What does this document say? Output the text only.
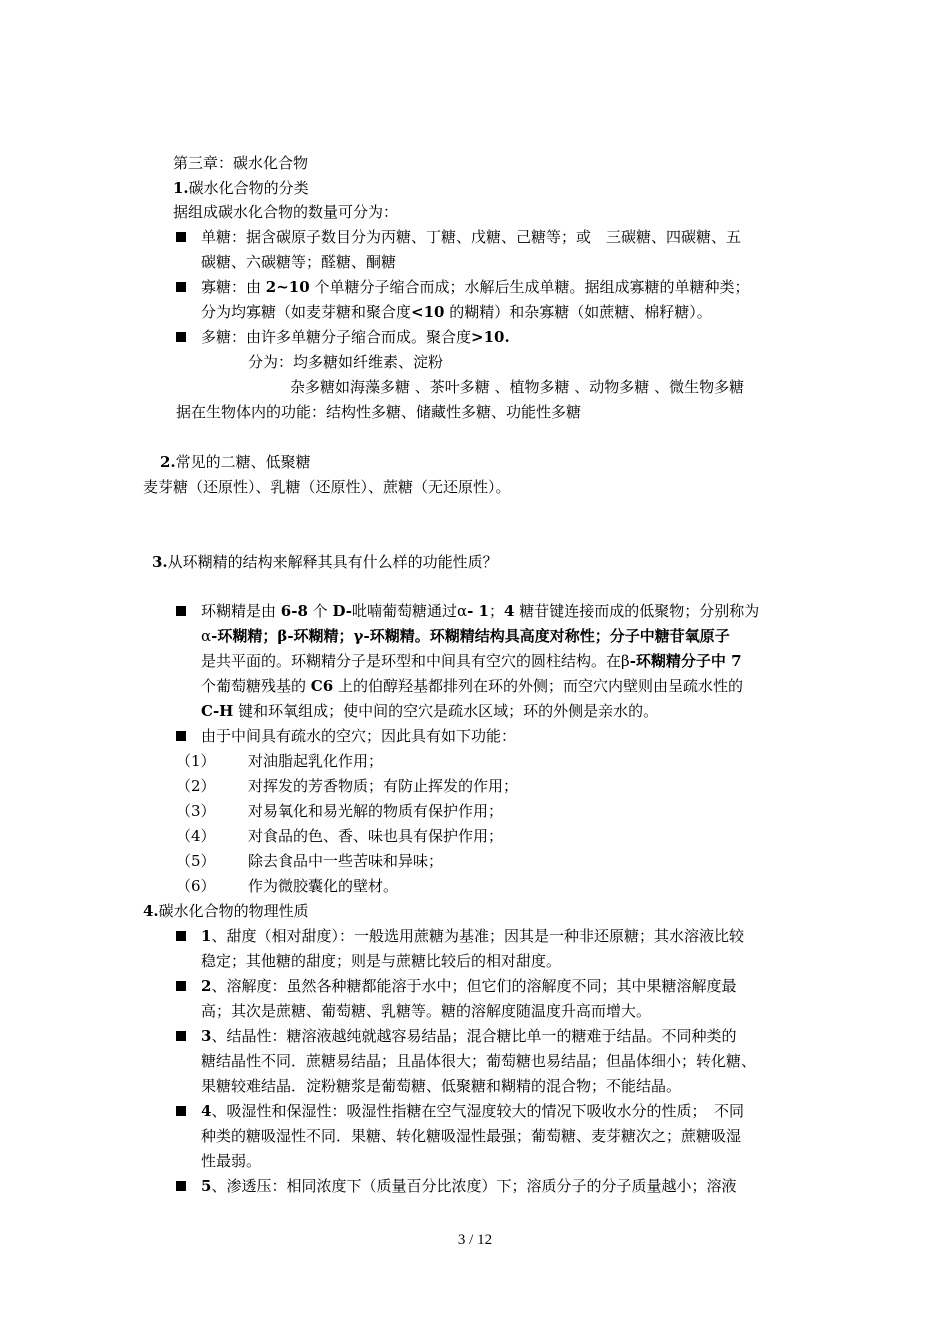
第三章：碳水化合物
1.碳水化合物的分类
据组成碳水化合物的数量可分为：
单糖：据含碳原子数目分为丙糖、丁糖、戊糖、己糖等；或　三碳糖、四碳糖、五
碳糖、六碳糖等；醛糖、酮糖
寡糖：由 2~10 个单糖分子缩合而成；水解后生成单糖。据组成寡糖的单糖种类；
分为均寡糖（如麦芽糖和聚合度<10 的糊精）和杂寡糖（如蔗糖、棉籽糖）。
多糖：由许多单糖分子缩合而成。聚合度>10.
分为：均多糖如纤维素、淀粉
杂多糖如海藻多糖 、茶叶多糖 、植物多糖 、动物多糖 、微生物多糖
据在生物体内的功能：结构性多糖、储藏性多糖、功能性多糖
2.常见的二糖、低聚糖
麦芽糖（还原性）、乳糖（还原性）、蔗糖（无还原性）。
3.从环糊精的结构来解释其具有什么样的功能性质？
环糊精是由 6-8 个 D-吡喃葡萄糖通过α- 1；4 糖苷键连接而成的低聚物；分别称为
α-环糊精；β-环糊精；γ-环糊精。环糊精结构具高度对称性；分子中糖苷氧原子
是共平面的。环糊精分子是环型和中间具有空穴的圆柱结构。在β-环糊精分子中 7
个葡萄糖残基的 C6 上的伯醇羟基都排列在环的外侧；而空穴内壁则由呈疏水性的
C-H 键和环氧组成；使中间的空穴是疏水区域；环的外侧是亲水的。
由于中间具有疏水的空穴；因此具有如下功能：
（1） 对油脂起乳化作用；
（2） 对挥发的芳香物质；有防止挥发的作用；
（3） 对易氧化和易光解的物质有保护作用；
（4） 对食品的色、香、味也具有保护作用；
（5） 除去食品中一些苦味和异味；
（6） 作为微胶囊化的壁材。
4.碳水化合物的物理性质
1、甜度（相对甜度）：一般选用蔗糖为基准；因其是一种非还原糖；其水溶液比较
稳定；其他糖的甜度；则是与蔗糖比较后的相对甜度。
2、溶解度：虽然各种糖都能溶于水中；但它们的溶解度不同；其中果糖溶解度最
高；其次是蔗糖、葡萄糖、乳糖等。糖的溶解度随温度升高而增大。
3、结晶性：糖溶液越纯就越容易结晶；混合糖比单一的糖难于结晶。不同种类的
糖结晶性不同．蔗糖易结晶；且晶体很大；葡萄糖也易结晶；但晶体细小；转化糖、
果糖较难结晶．淀粉糖浆是葡萄糖、低聚糖和糊精的混合物；不能结晶。
4、吸湿性和保湿性：吸湿性指糖在空气湿度较大的情况下吸收水分的性质；　不同
种类的糖吸湿性不同．果糖、转化糖吸湿性最强；葡萄糖、麦芽糖次之；蔗糖吸湿
性最弱。
5、渗透压：相同浓度下（质量百分比浓度）下；溶质分子的分子质量越小；溶液
3 / 12
